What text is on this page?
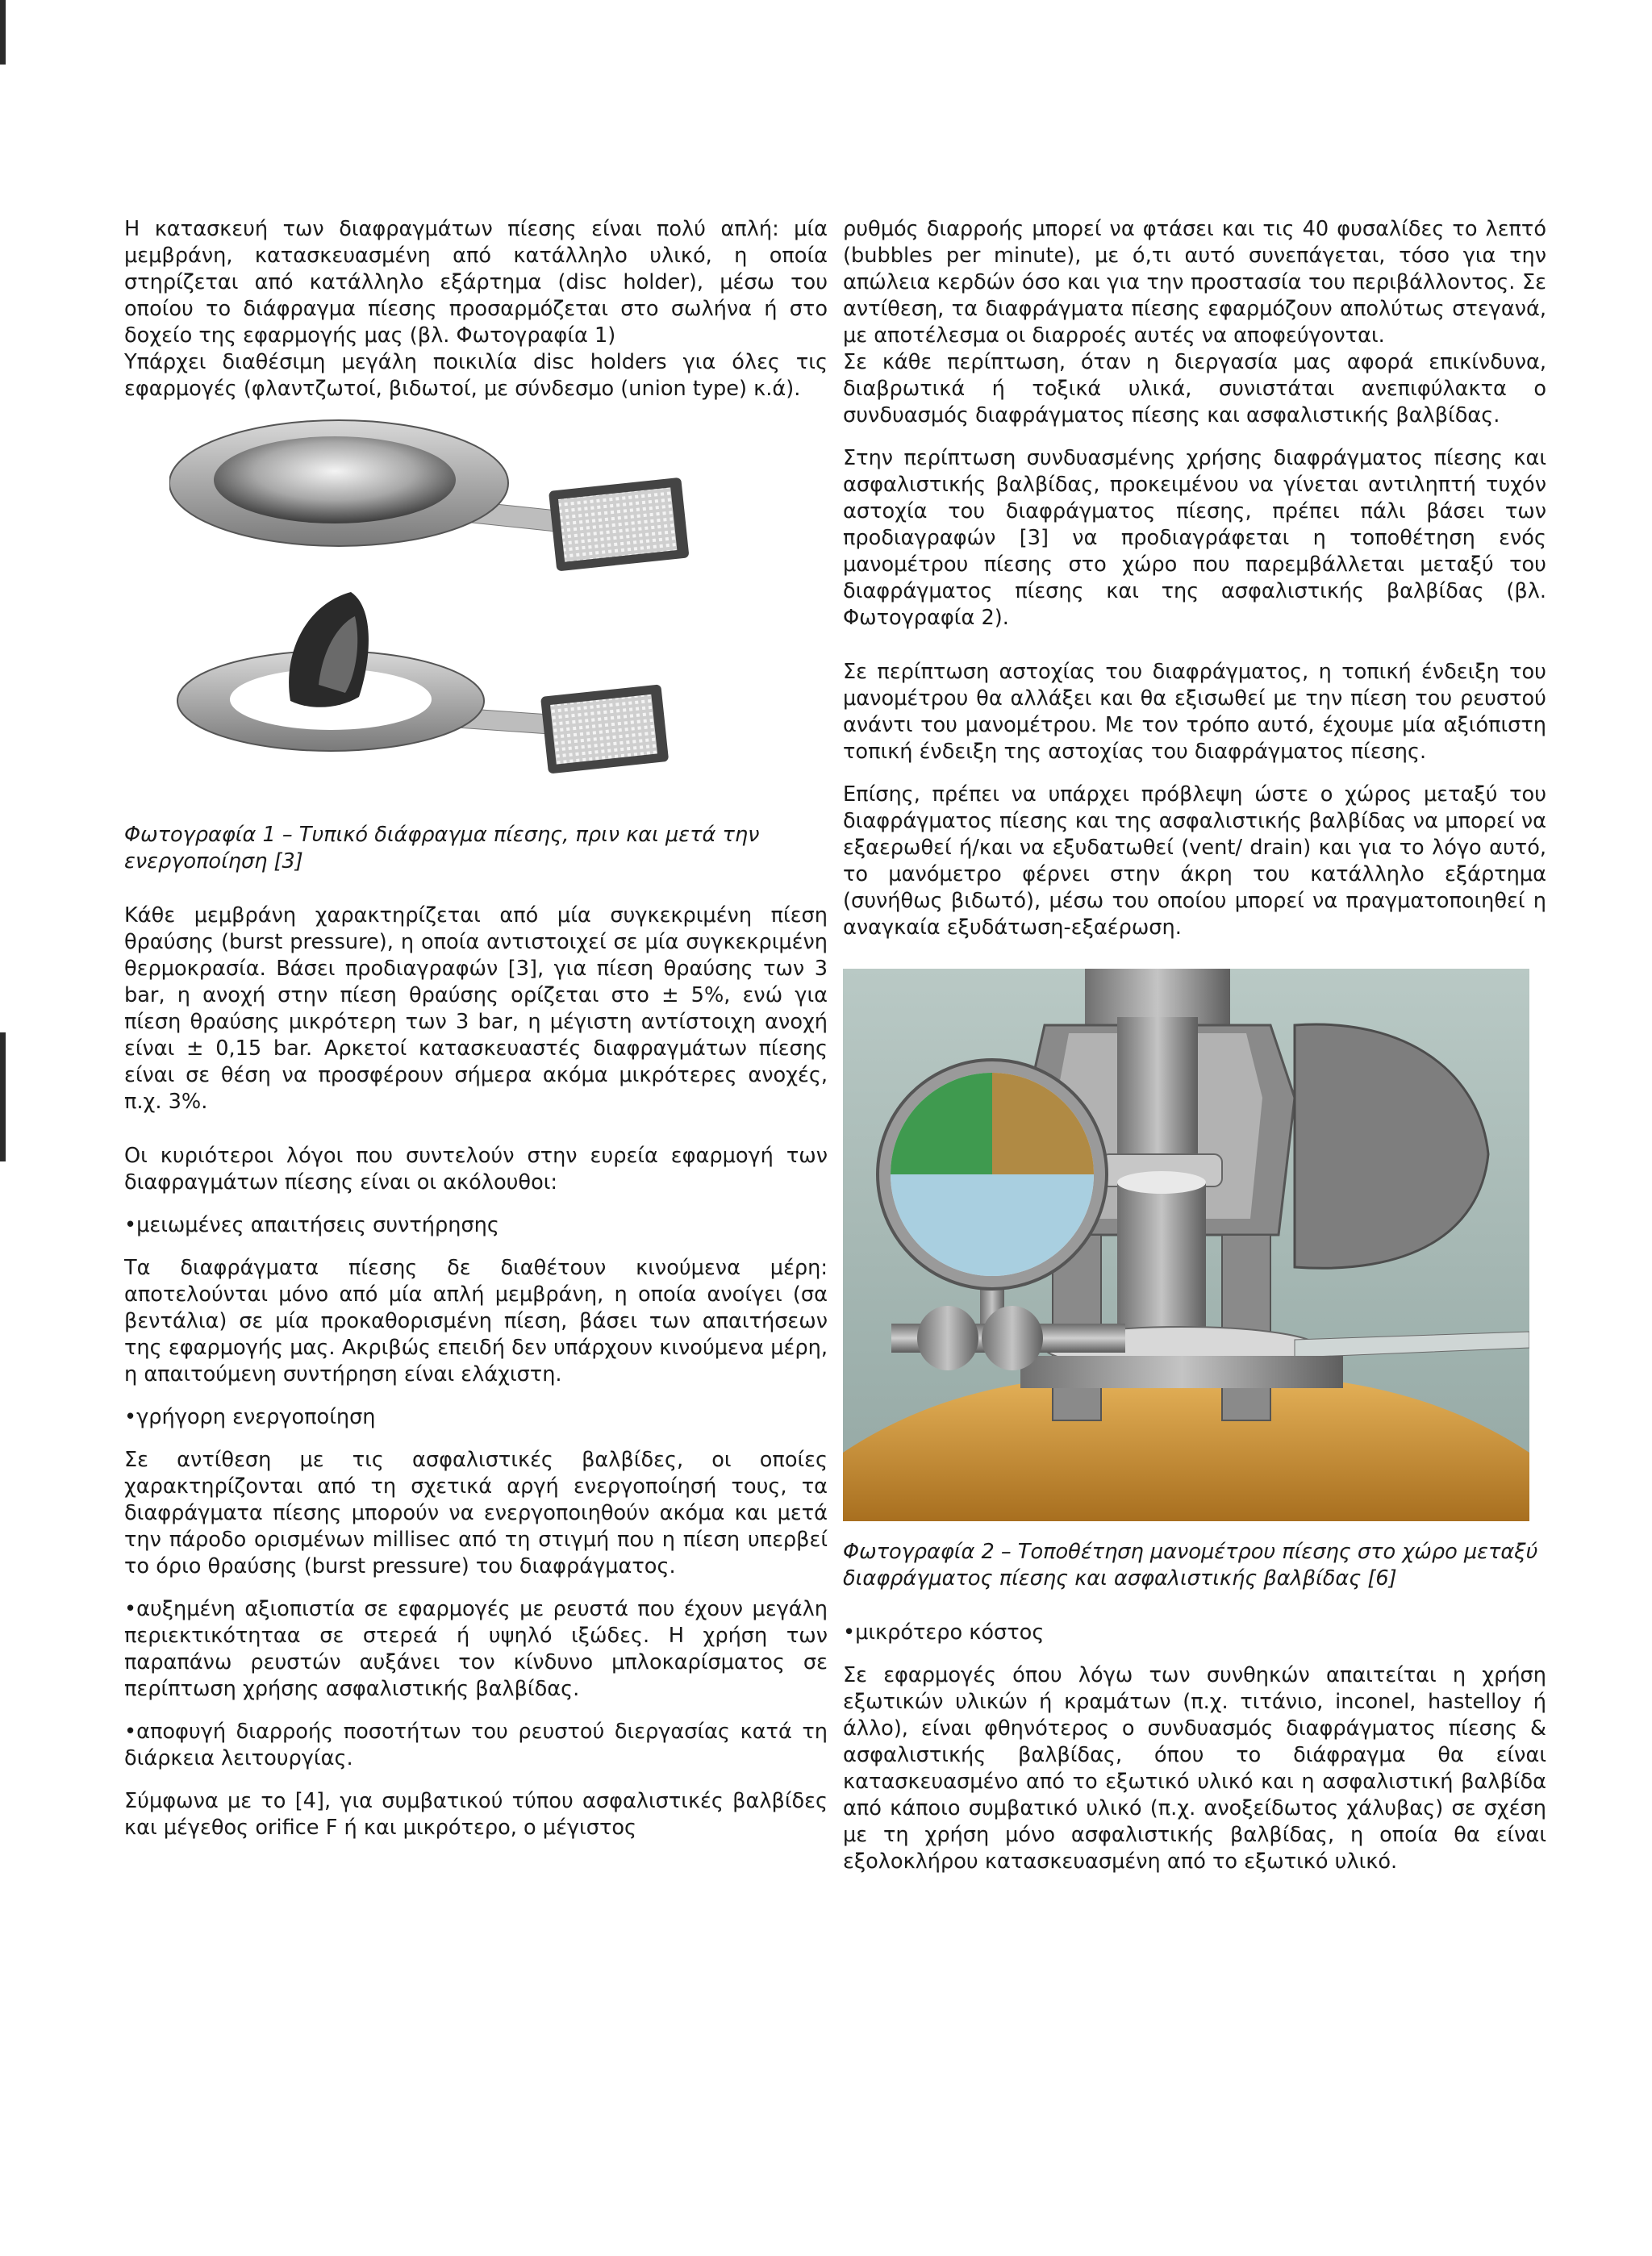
Η κατασκευή των διαφραγμάτων πίεσης είναι πολύ απλή: μία μεμβράνη, κατασκευασμένη από κατάλληλο υλικό, η οποία στηρίζεται από κατάλληλο εξάρτημα (disc holder), μέσω του οποίου το διάφραγμα πίεσης προσαρμόζεται στο σωλήνα ή στο δοχείο της εφαρμογής μας (βλ. Φωτογραφία 1)

Υπάρχει διαθέσιμη μεγάλη ποικιλία disc holders για όλες τις εφαρμογές (φλαντζωτοί, βιδωτοί, με σύνδεσμο (union type) κ.ά).

Φωτογραφία 1 – Τυπικό διάφραγμα πίεσης, πριν και μετά την ενεργοποίηση [3]

Κάθε μεμβράνη χαρακτηρίζεται από μία συγκεκριμένη πίεση θραύσης (burst pressure), η οποία αντιστοιχεί σε μία συγκεκριμένη θερμοκρασία. Βάσει προδιαγραφών [3], για πίεση θραύσης των 3 bar, η ανοχή στην πίεση θραύσης ορίζεται στο ± 5%, ενώ για πίεση θραύσης μικρότερη των 3 bar, η μέγιστη αντίστοιχη ανοχή είναι ± 0,15 bar. Αρκετοί κατασκευαστές διαφραγμάτων πίεσης είναι σε θέση να προσφέρουν σήμερα ακόμα μικρότερες ανοχές, π.χ. 3%.

Οι κυριότεροι λόγοι που συντελούν στην ευρεία εφαρμογή των διαφραγμάτων πίεσης είναι οι ακόλουθοι:

•μειωμένες απαιτήσεις συντήρησης

Τα διαφράγματα πίεσης δε διαθέτουν κινούμενα μέρη: αποτελούνται μόνο από μία απλή μεμβράνη, η οποία ανοίγει (σα βεντάλια) σε μία προκαθορισμένη πίεση, βάσει των απαιτήσεων της εφαρμογής μας. Ακριβώς επειδή δεν υπάρχουν κινούμενα μέρη, η απαιτούμενη συντήρηση είναι ελάχιστη.

•γρήγορη ενεργοποίηση

Σε αντίθεση με τις ασφαλιστικές βαλβίδες, οι οποίες χαρακτηρίζονται από τη σχετικά αργή ενεργοποίησή τους, τα διαφράγματα πίεσης μπορούν να ενεργοποιηθούν ακόμα και μετά την πάροδο ορισμένων millisec από τη στιγμή που η πίεση υπερβεί το όριο θραύσης (burst pressure) του διαφράγματος.

•αυξημένη αξιοπιστία σε εφαρμογές με ρευστά που έχουν μεγάλη περιεκτικότηταα σε στερεά ή υψηλό ιξώδες. Η χρήση των παραπάνω ρευστών αυξάνει τον κίνδυνο μπλοκαρίσματος σε περίπτωση χρήσης ασφαλιστικής βαλβίδας.

•αποφυγή διαρροής ποσοτήτων του ρευστού διεργασίας κατά τη διάρκεια λειτουργίας.

Σύμφωνα με το [4], για συμβατικού τύπου ασφαλιστικές βαλβίδες και μέγεθος orifice F ή και μικρότερο, ο μέγιστος

ρυθμός διαρροής μπορεί να φτάσει και τις 40 φυσαλίδες το λεπτό (bubbles per minute), με ό,τι αυτό συνεπάγεται, τόσο για την απώλεια κερδών όσο και για την προστασία του περιβάλλοντος. Σε αντίθεση, τα διαφράγματα πίεσης εφαρμόζουν απολύτως στεγανά, με αποτέλεσμα οι διαρροές αυτές να αποφεύγονται.

Σε κάθε περίπτωση, όταν η διεργασία μας αφορά επικίνδυνα, διαβρωτικά ή τοξικά υλικά, συνιστάται ανεπιφύλακτα ο συνδυασμός διαφράγματος πίεσης και ασφαλιστικής βαλβίδας.

Στην περίπτωση συνδυασμένης χρήσης διαφράγματος πίεσης και ασφαλιστικής βαλβίδας, προκειμένου να γίνεται αντιληπτή τυχόν αστοχία του διαφράγματος πίεσης, πρέπει πάλι βάσει των προδιαγραφών [3] να προδιαγράφεται η τοποθέτηση ενός μανομέτρου πίεσης στο χώρο που παρεμβάλλεται μεταξύ του διαφράγματος πίεσης και της ασφαλιστικής βαλβίδας (βλ. Φωτογραφία 2).

Σε περίπτωση αστοχίας του διαφράγματος, η τοπική ένδειξη του μανομέτρου θα αλλάξει και θα εξισωθεί με την πίεση του ρευστού ανάντι του μανομέτρου. Με τον τρόπο αυτό, έχουμε μία αξιόπιστη τοπική ένδειξη της αστοχίας του διαφράγματος πίεσης.

Επίσης, πρέπει να υπάρχει πρόβλεψη ώστε ο χώρος μεταξύ του διαφράγματος πίεσης και της ασφαλιστικής βαλβίδας να μπορεί να εξαερωθεί ή/και να εξυδατωθεί (vent/ drain) και για το λόγο αυτό, το μανόμετρο φέρνει στην άκρη του κατάλληλο εξάρτημα (συνήθως βιδωτό), μέσω του οποίου μπορεί να πραγματοποιηθεί η αναγκαία εξυδάτωση-εξαέρωση.

Φωτογραφία 2 – Τοποθέτηση μανομέτρου πίεσης στο χώρο μεταξύ διαφράγματος πίεσης και ασφαλιστικής βαλβίδας [6]

•μικρότερο κόστος

Σε εφαρμογές όπου λόγω των συνθηκών απαιτείται η χρήση εξωτικών υλικών ή κραμάτων (π.χ. τιτάνιο, inconel, hastelloy ή άλλο), είναι φθηνότερος ο συνδυασμός διαφράγματος πίεσης & ασφαλιστικής βαλβίδας, όπου το διάφραγμα θα είναι κατασκευασμένο από το εξωτικό υλικό και η ασφαλιστική βαλβίδα από κάποιο συμβατικό υλικό (π.χ. ανοξείδωτος χάλυβας) σε σχέση με τη χρήση μόνο ασφαλιστικής βαλβίδας, η οποία θα είναι εξολοκλήρου κατασκευασμένη από το εξωτικό υλικό.
